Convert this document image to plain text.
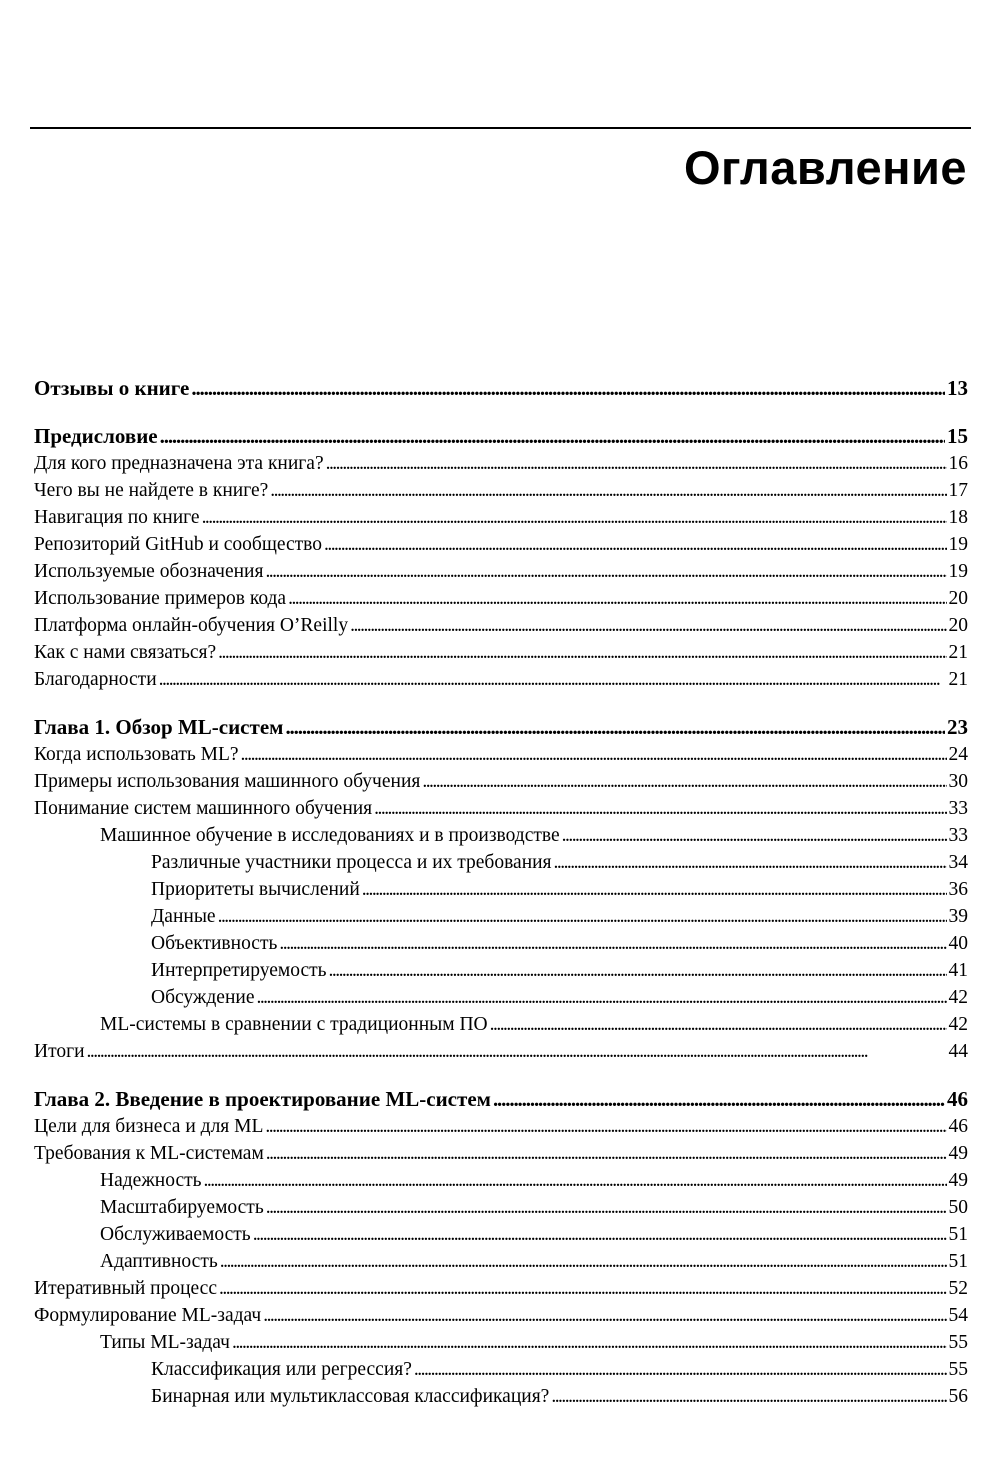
Оглавление
Отзывы о книге . . .	13
Предисловие . . .	15
Для кого предназначена эта книга? . . .	16
Чего вы не найдете в книге? . . .	17
Навигация по книге . . .	18
Репозиторий GitHub и сообщество . . .	19
Используемые обозначения . . .	19
Использование примеров кода . . .	20
Платформа онлайн-обучения O’Reilly . . .	20
Как с нами связаться? . . .	21
Благодарности . . .	21
Глава 1. Обзор ML-систем . . .	23
Когда использовать ML? . . .	24
Примеры использования машинного обучения . . .	30
Понимание систем машинного обучения . . .	33
Машинное обучение в исследованиях и в производстве . . .	33
Различные участники процесса и их требования . . .	34
Приоритеты вычислений . . .	36
Данные . . .	39
Объективность . . .	40
Интерпретируемость . . .	41
Обсуждение . . .	42
ML-системы в сравнении с традиционным ПО . . .	42
Итоги . . .	44
Глава 2. Введение в проектирование ML-систем . . .	46
Цели для бизнеса и для ML . . .	46
Требования к ML-системам . . .	49
Надежность . . .	49
Масштабируемость . . .	50
Обслуживаемость . . .	51
Адаптивность . . .	51
Итеративный процесс . . .	52
Формулирование ML-задач . . .	54
Типы ML-задач . . .	55
Классификация или регрессия? . . .	55
Бинарная или мультиклассовая классификация? . . .	56
